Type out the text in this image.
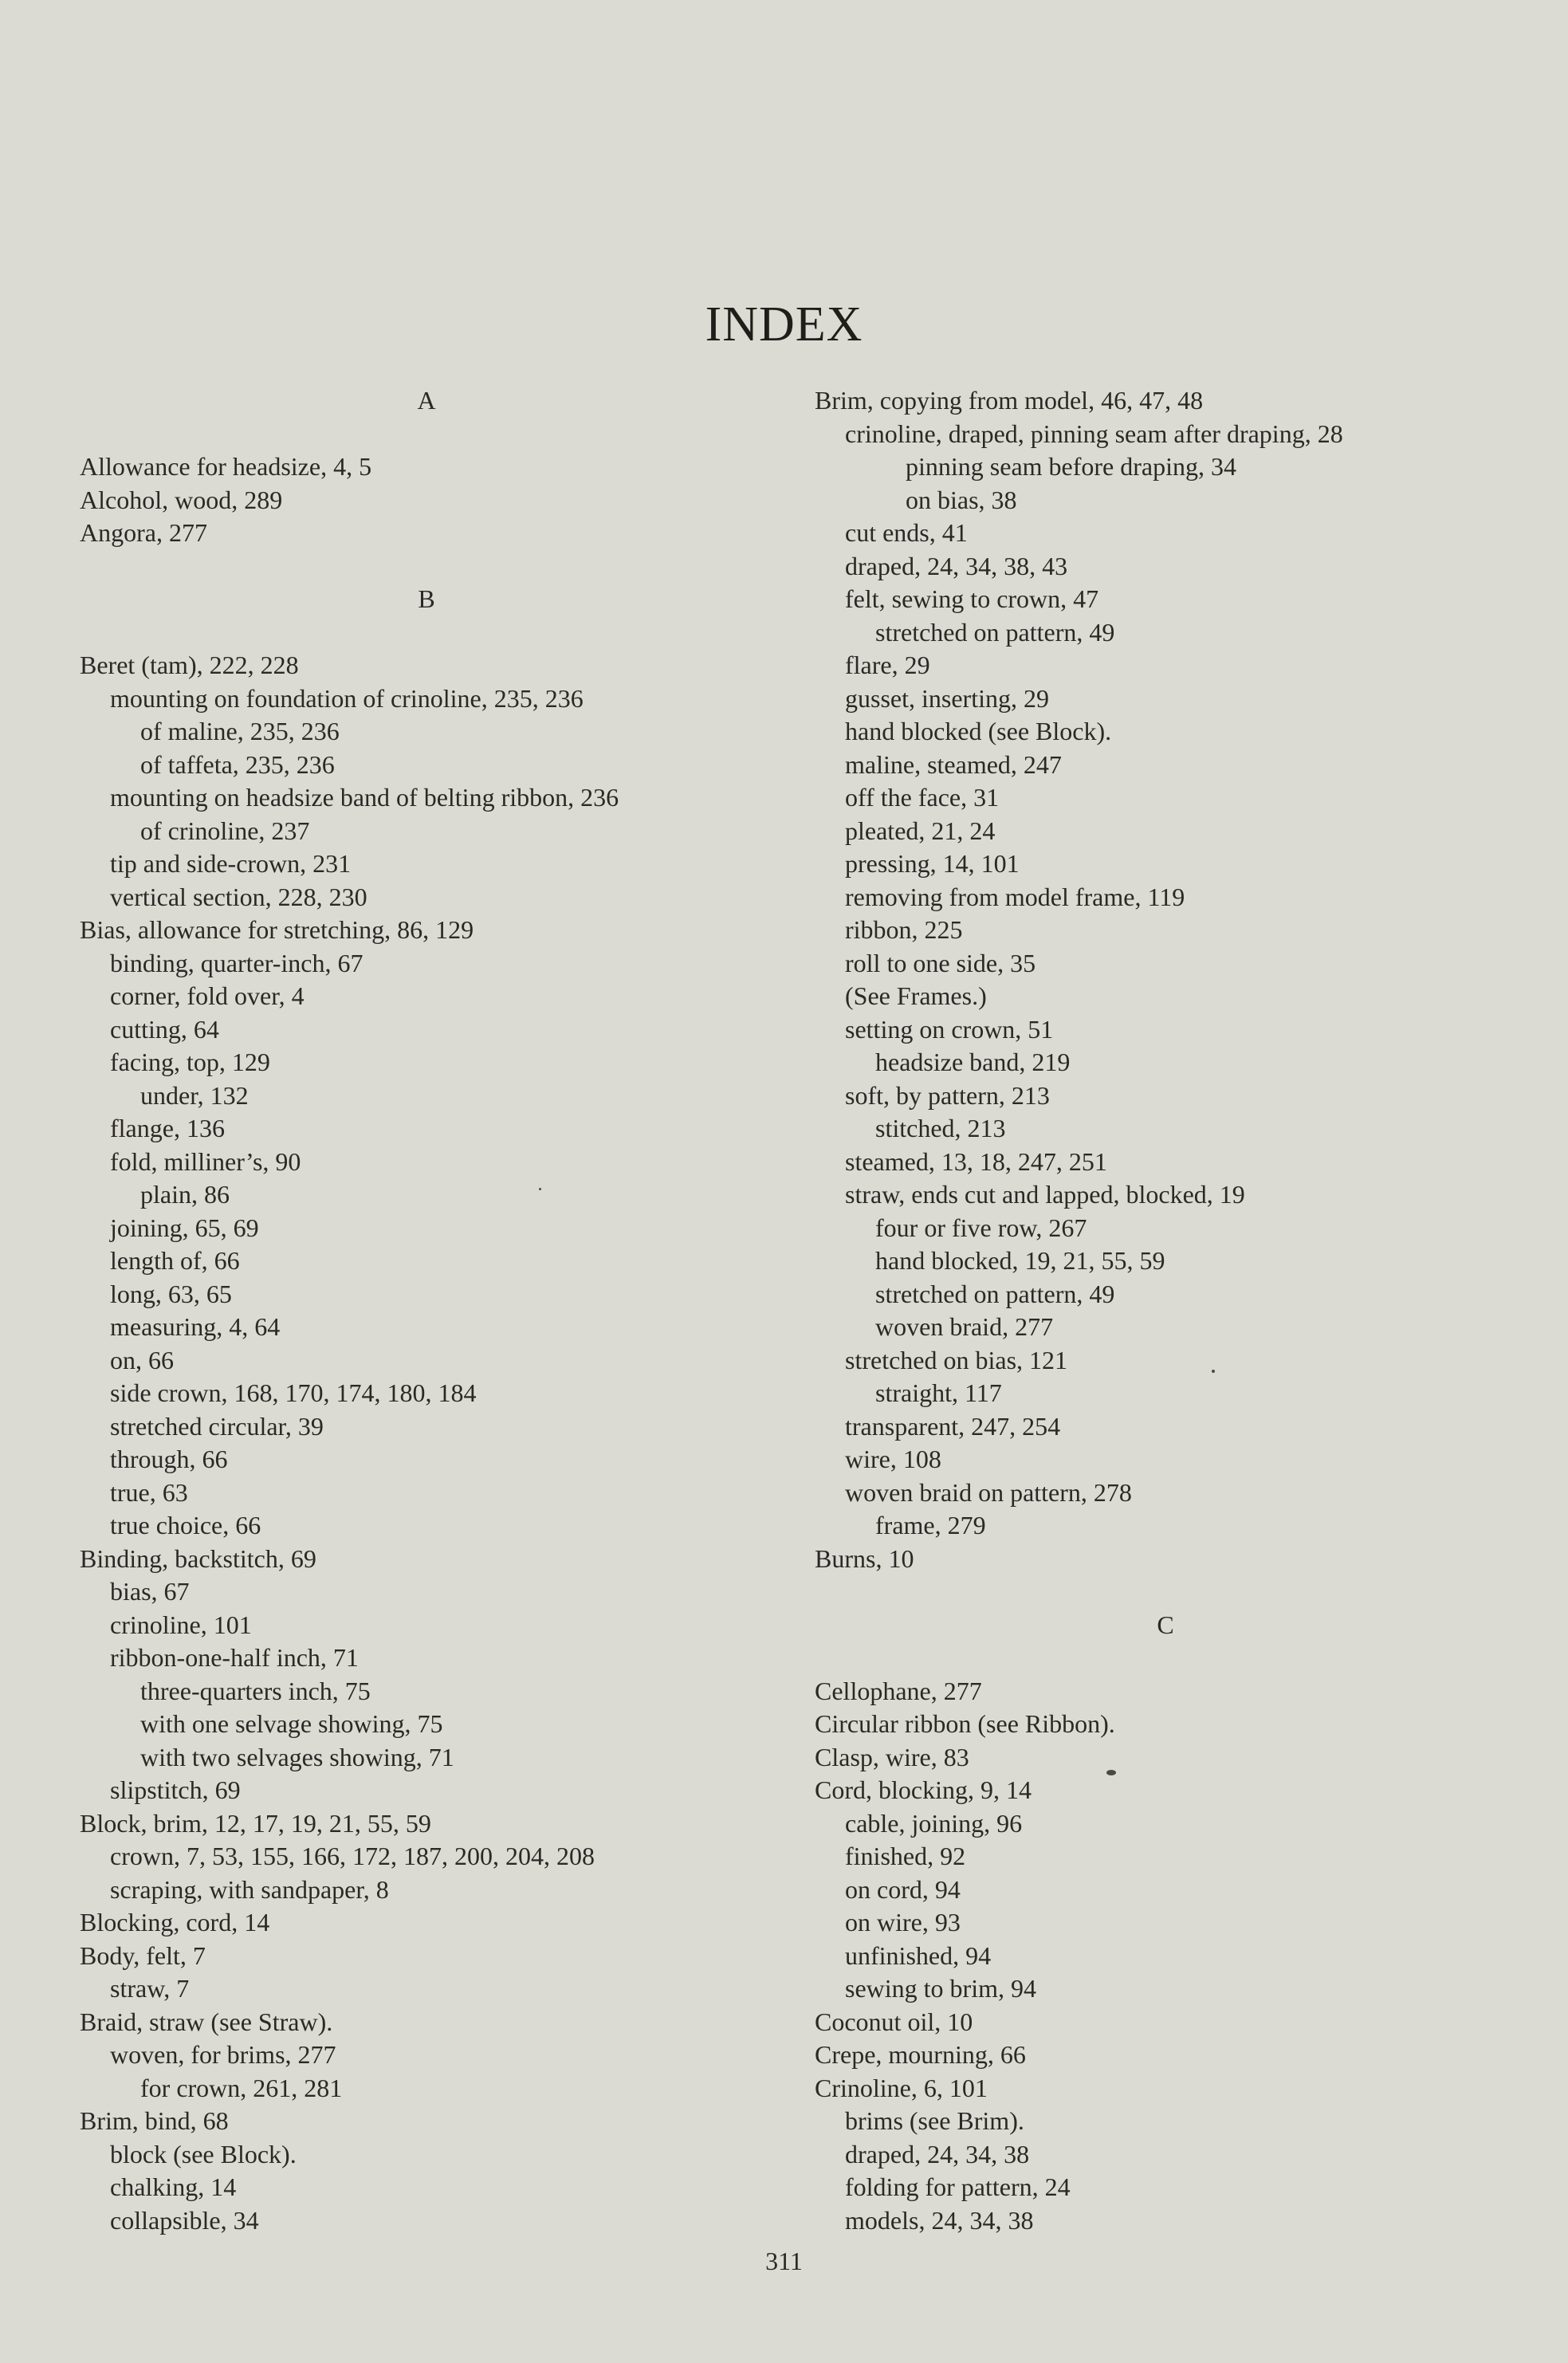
INDEX
A
Allowance for headsize, 4, 5
Alcohol, wood, 289
Angora, 277
B
Beret (tam), 222, 228
mounting on foundation of crinoline, 235, 236
of maline, 235, 236
of taffeta, 235, 236
mounting on headsize band of belting ribbon, 236
of crinoline, 237
tip and side-crown, 231
vertical section, 228, 230
Bias, allowance for stretching, 86, 129
binding, quarter-inch, 67
corner, fold over, 4
cutting, 64
facing, top, 129
under, 132
flange, 136
fold, milliner’s, 90
plain, 86
joining, 65, 69
length of, 66
long, 63, 65
measuring, 4, 64
on, 66
side crown, 168, 170, 174, 180, 184
stretched circular, 39
through, 66
true, 63
true choice, 66
Binding, backstitch, 69
bias, 67
crinoline, 101
ribbon-one-half inch, 71
three-quarters inch, 75
with one selvage showing, 75
with two selvages showing, 71
slipstitch, 69
Block, brim, 12, 17, 19, 21, 55, 59
crown, 7, 53, 155, 166, 172, 187, 200, 204, 208
scraping, with sandpaper, 8
Blocking, cord, 14
Body, felt, 7
straw, 7
Braid, straw (see Straw).
woven, for brims, 277
for crown, 261, 281
Brim, bind, 68
block (see Block).
chalking, 14
collapsible, 34
Brim, copying from model, 46, 47, 48
crinoline, draped, pinning seam after draping, 28
pinning seam before draping, 34
on bias, 38
cut ends, 41
draped, 24, 34, 38, 43
felt, sewing to crown, 47
stretched on pattern, 49
flare, 29
gusset, inserting, 29
hand blocked (see Block).
maline, steamed, 247
off the face, 31
pleated, 21, 24
pressing, 14, 101
removing from model frame, 119
ribbon, 225
roll to one side, 35
(See Frames.)
setting on crown, 51
headsize band, 219
soft, by pattern, 213
stitched, 213
steamed, 13, 18, 247, 251
straw, ends cut and lapped, blocked, 19
four or five row, 267
hand blocked, 19, 21, 55, 59
stretched on pattern, 49
woven braid, 277
stretched on bias, 121
straight, 117
transparent, 247, 254
wire, 108
woven braid on pattern, 278
frame, 279
Burns, 10
C
Cellophane, 277
Circular ribbon (see Ribbon).
Clasp, wire, 83
Cord, blocking, 9, 14
cable, joining, 96
finished, 92
on cord, 94
on wire, 93
unfinished, 94
sewing to brim, 94
Coconut oil, 10
Crepe, mourning, 66
Crinoline, 6, 101
brims (see Brim).
draped, 24, 34, 38
folding for pattern, 24
models, 24, 34, 38
311
